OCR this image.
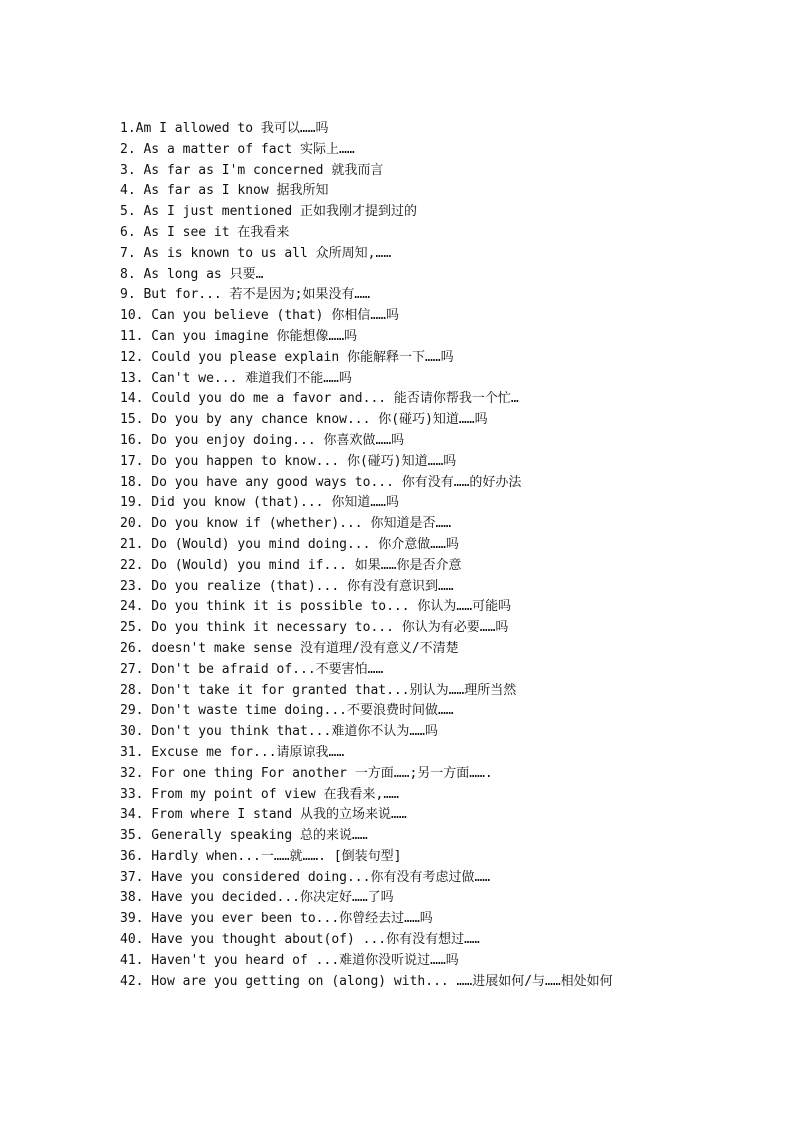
1.Am I allowed to 我可以……吗
2. As a matter of fact 实际上……
3. As far as I'm concerned 就我而言
4. As far as I know 据我所知
5. As I just mentioned 正如我刚才提到过的
6. As I see it 在我看来
7. As is known to us all 众所周知,……
8. As long as 只要…
9. But for... 若不是因为;如果没有……
10. Can you believe (that) 你相信……吗
11. Can you imagine 你能想像……吗
12. Could you please explain 你能解释一下……吗
13. Can't we... 难道我们不能……吗
14. Could you do me a favor and... 能否请你帮我一个忙…
15. Do you by any chance know... 你(碰巧)知道……吗
16. Do you enjoy doing... 你喜欢做……吗
17. Do you happen to know... 你(碰巧)知道……吗
18. Do you have any good ways to... 你有没有……的好办法
19. Did you know (that)... 你知道……吗
20. Do you know if (whether)... 你知道是否……
21. Do (Would) you mind doing... 你介意做……吗
22. Do (Would) you mind if... 如果……你是否介意
23. Do you realize (that)... 你有没有意识到……
24. Do you think it is possible to... 你认为……可能吗
25. Do you think it necessary to... 你认为有必要……吗
26. doesn't make sense 没有道理/没有意义/不清楚
27. Don't be afraid of...不要害怕……
28. Don't take it for granted that...别认为……理所当然
29. Don't waste time doing...不要浪费时间做……
30. Don't you think that...难道你不认为……吗
31. Excuse me for...请原谅我……
32. For one thing For another 一方面……;另一方面…….
33. From my point of view 在我看来,……
34. From where I stand 从我的立场来说……
35. Generally speaking 总的来说……
36. Hardly when...一……就……. [倒装句型]
37. Have you considered doing...你有没有考虑过做……
38. Have you decided...你决定好……了吗
39. Have you ever been to...你曾经去过……吗
40. Have you thought about(of) ...你有没有想过……
41. Haven't you heard of ...难道你没听说过……吗
42. How are you getting on (along) with... ……进展如何/与……相处如何
